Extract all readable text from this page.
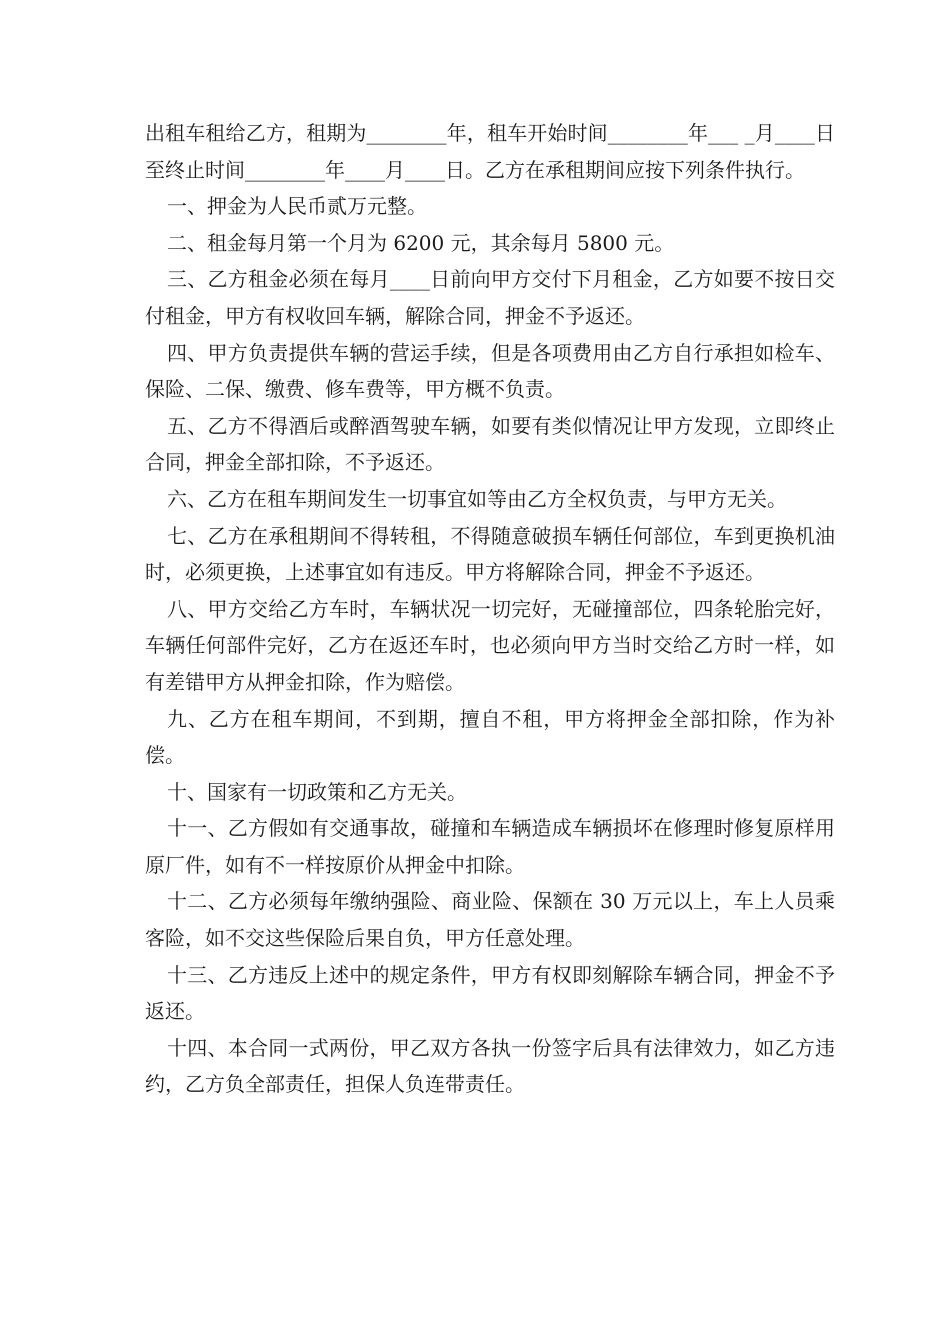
出租车租给乙方，租期为________年，租车开始时间________年___ _月____日至终止时间________年____月____日。乙方在承租期间应按下列条件执行。

一、押金为人民币贰万元整。

二、租金每月第一个月为 6200 元，其余每月 5800 元。

三、乙方租金必须在每月____日前向甲方交付下月租金，乙方如要不按日交付租金，甲方有权收回车辆，解除合同，押金不予返还。

四、甲方负责提供车辆的营运手续，但是各项费用由乙方自行承担如检车、保险、二保、缴费、修车费等，甲方概不负责。

五、乙方不得酒后或醉酒驾驶车辆，如要有类似情况让甲方发现，立即终止合同，押金全部扣除，不予返还。

六、乙方在租车期间发生一切事宜如等由乙方全权负责，与甲方无关。

七、乙方在承租期间不得转租，不得随意破损车辆任何部位，车到更换机油时，必须更换，上述事宜如有违反。甲方将解除合同，押金不予返还。

八、甲方交给乙方车时，车辆状况一切完好，无碰撞部位，四条轮胎完好，车辆任何部件完好，乙方在返还车时，也必须向甲方当时交给乙方时一样，如有差错甲方从押金扣除，作为赔偿。

九、乙方在租车期间，不到期，擅自不租，甲方将押金全部扣除，作为补偿。

十、国家有一切政策和乙方无关。

十一、乙方假如有交通事故，碰撞和车辆造成车辆损坏在修理时修复原样用原厂件，如有不一样按原价从押金中扣除。

十二、乙方必须每年缴纳强险、商业险、保额在 30 万元以上，车上人员乘客险，如不交这些保险后果自负，甲方任意处理。

十三、乙方违反上述中的规定条件，甲方有权即刻解除车辆合同，押金不予返还。

十四、本合同一式两份，甲乙双方各执一份签字后具有法律效力，如乙方违约，乙方负全部责任，担保人负连带责任。
